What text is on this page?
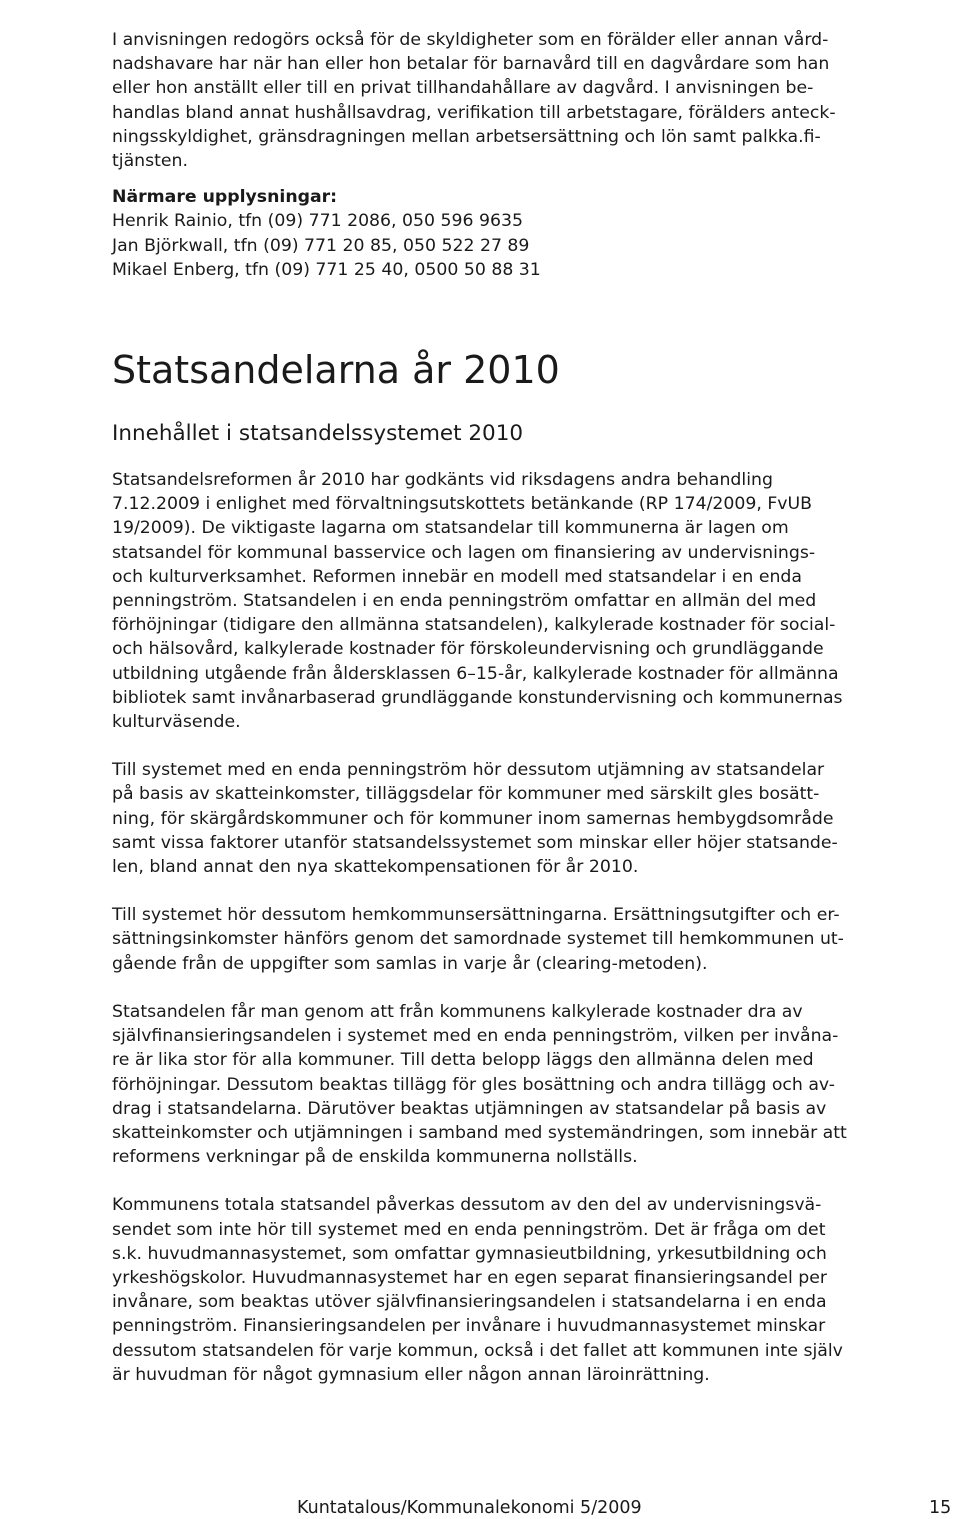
I anvisningen redogörs också för de skyldigheter som en förälder eller annan vård-
nadshavare har när han eller hon betalar för barnavård till en dagvårdare som han
eller hon anställt eller till en privat tillhandahållare av dagvård. I anvisningen be-
handlas bland annat hushållsavdrag, verifikation till arbetstagare, förälders anteck-
ningsskyldighet, gränsdragningen mellan arbetsersättning och lön samt palkka.fi-
tjänsten.
Närmare upplysningar:
Henrik Rainio, tfn (09) 771 2086, 050 596 9635
Jan Björkwall, tfn (09) 771 20 85, 050 522 27 89
Mikael Enberg, tfn (09) 771 25 40, 0500 50 88 31
Statsandelarna år 2010
Innehållet i statsandelssystemet 2010
Statsandelsreformen år 2010 har godkänts vid riksdagens andra behandling
7.12.2009 i enlighet med förvaltningsutskottets betänkande (RP 174/2009, FvUB
19/2009). De viktigaste lagarna om statsandelar till kommunerna är lagen om
statsandel för kommunal basservice och lagen om finansiering av undervisnings-
och kulturverksamhet. Reformen innebär en modell med statsandelar i en enda
penningström. Statsandelen i en enda penningström omfattar en allmän del med
förhöjningar (tidigare den allmänna statsandelen), kalkylerade kostnader för social-
och hälsovård, kalkylerade kostnader för förskoleundervisning och grundläggande
utbildning utgående från åldersklassen 6–15-år, kalkylerade kostnader för allmänna
bibliotek samt invånarbaserad grundläggande konstundervisning och kommunernas
kulturväsende.
Till systemet med en enda penningström hör dessutom utjämning av statsandelar
på basis av skatteinkomster, tilläggsdelar för kommuner med särskilt gles bosätt-
ning, för skärgårdskommuner och för kommuner inom samernas hembygdsområde
samt vissa faktorer utanför statsandelssystemet som minskar eller höjer statsande-
len, bland annat den nya skattekompensationen för år 2010.
Till systemet hör dessutom hemkommunsersättningarna. Ersättningsutgifter och er-
sättningsinkomster hänförs genom det samordnade systemet till hemkommunen ut-
gående från de uppgifter som samlas in varje år (clearing-metoden).
Statsandelen får man genom att från kommunens kalkylerade kostnader dra av
självfinansieringsandelen i systemet med en enda penningström, vilken per invåna-
re är lika stor för alla kommuner. Till detta belopp läggs den allmänna delen med
förhöjningar. Dessutom beaktas tillägg för gles bosättning och andra tillägg och av-
drag i statsandelarna. Därutöver beaktas utjämningen av statsandelar på basis av
skatteinkomster och utjämningen i samband med systemändringen, som innebär att
reformens verkningar på de enskilda kommunerna nollställs.
Kommunens totala statsandel påverkas dessutom av den del av undervisningsvä-
sendet som inte hör till systemet med en enda penningström. Det är fråga om det
s.k. huvudmannasystemet, som omfattar gymnasieutbildning, yrkesutbildning och
yrkeshögskolor. Huvudmannasystemet har en egen separat finansieringsandel per
invånare, som beaktas utöver självfinansieringsandelen i statsandelarna i en enda
penningström. Finansieringsandelen per invånare i huvudmannasystemet minskar
dessutom statsandelen för varje kommun, också i det fallet att kommunen inte själv
är huvudman för något gymnasium eller någon annan läroinrättning.
Kuntatalous/Kommunalekonomi 5/2009	15
